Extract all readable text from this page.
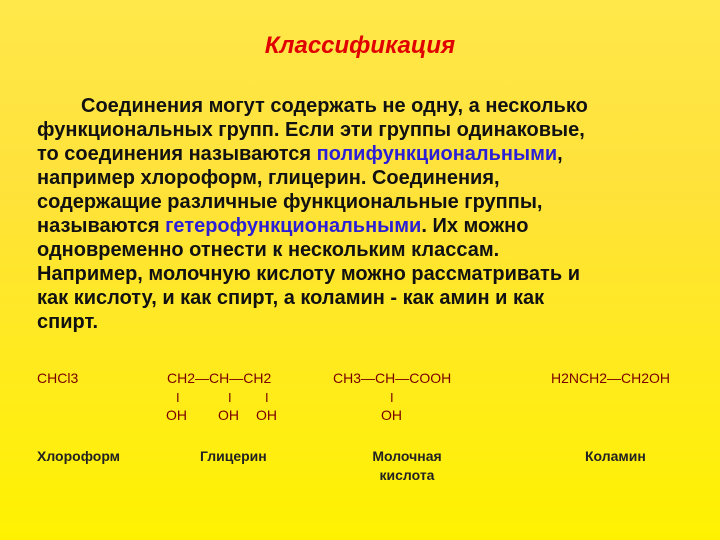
Классификация

Соединения могут содержать не одну, а несколько
функциональных групп. Если эти группы одинаковые,
то соединения называются полифункциональными,
например хлороформ, глицерин. Соединения,
содержащие различные функциональные группы,
называются гетерофункциональными. Их можно
одновременно отнести к нескольким классам.
Например, молочную кислоту можно рассматривать и
как кислоту, и как спирт, а коламин - как амин и как
спирт.

CHCl3	CH2—CH—CH2
I	I	I
OH OH OH
CH3—CH—COOH
I
OH
H2NCH2—CH2OH
Хлороформ	Глицерин	Молочная
кислота
Коламин
